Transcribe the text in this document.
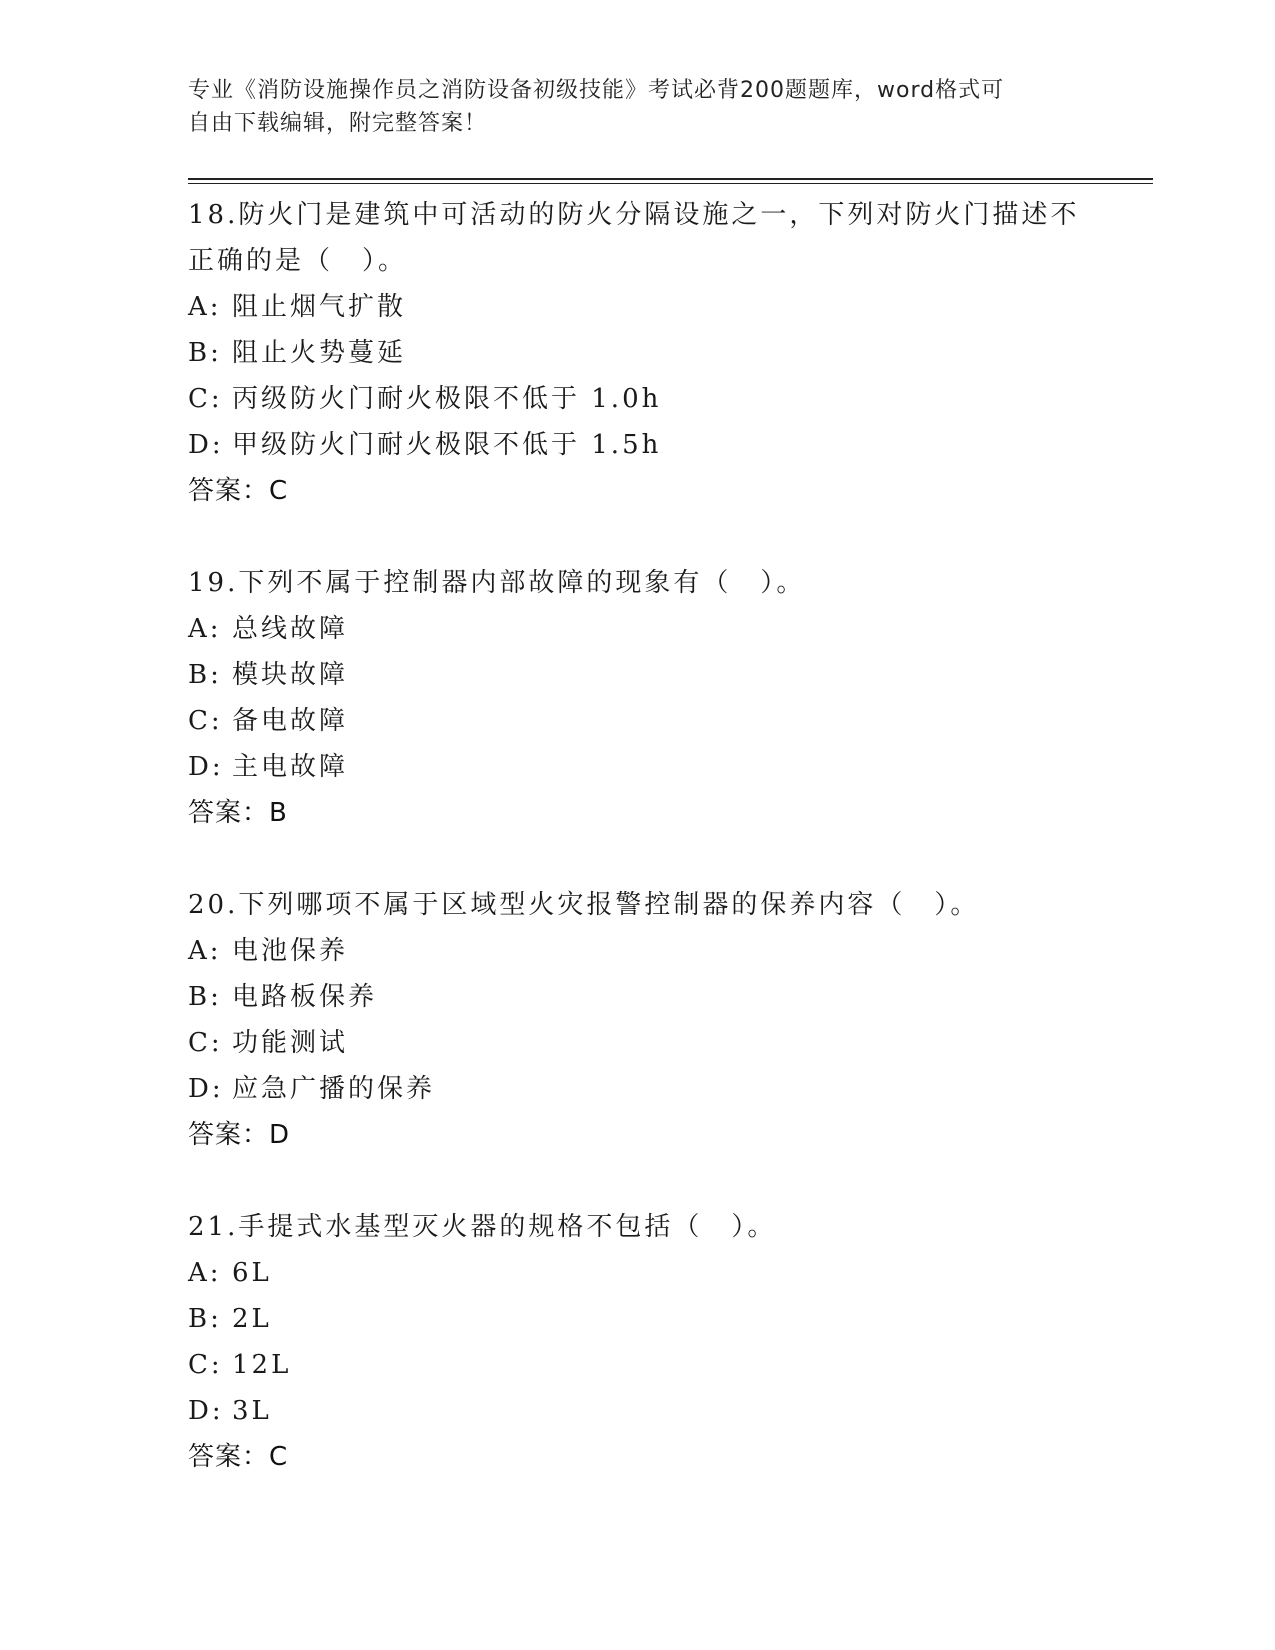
专业《消防设施操作员之消防设备初级技能》考试必背200题题库，word格式可
自由下载编辑，附完整答案！
18.防火门是建筑中可活动的防火分隔设施之一，下列对防火门描述不
正确的是（　）。
A: 阻止烟气扩散
B: 阻止火势蔓延
C: 丙级防火门耐火极限不低于 1.0h
D: 甲级防火门耐火极限不低于 1.5h
答案：C
19.下列不属于控制器内部故障的现象有（　）。
A: 总线故障
B: 模块故障
C: 备电故障
D: 主电故障
答案：B
20.下列哪项不属于区域型火灾报警控制器的保养内容（　）。
A: 电池保养
B: 电路板保养
C: 功能测试
D: 应急广播的保养
答案：D
21.手提式水基型灭火器的规格不包括（　）。
A: 6L
B: 2L
C: 12L
D: 3L
答案：C
